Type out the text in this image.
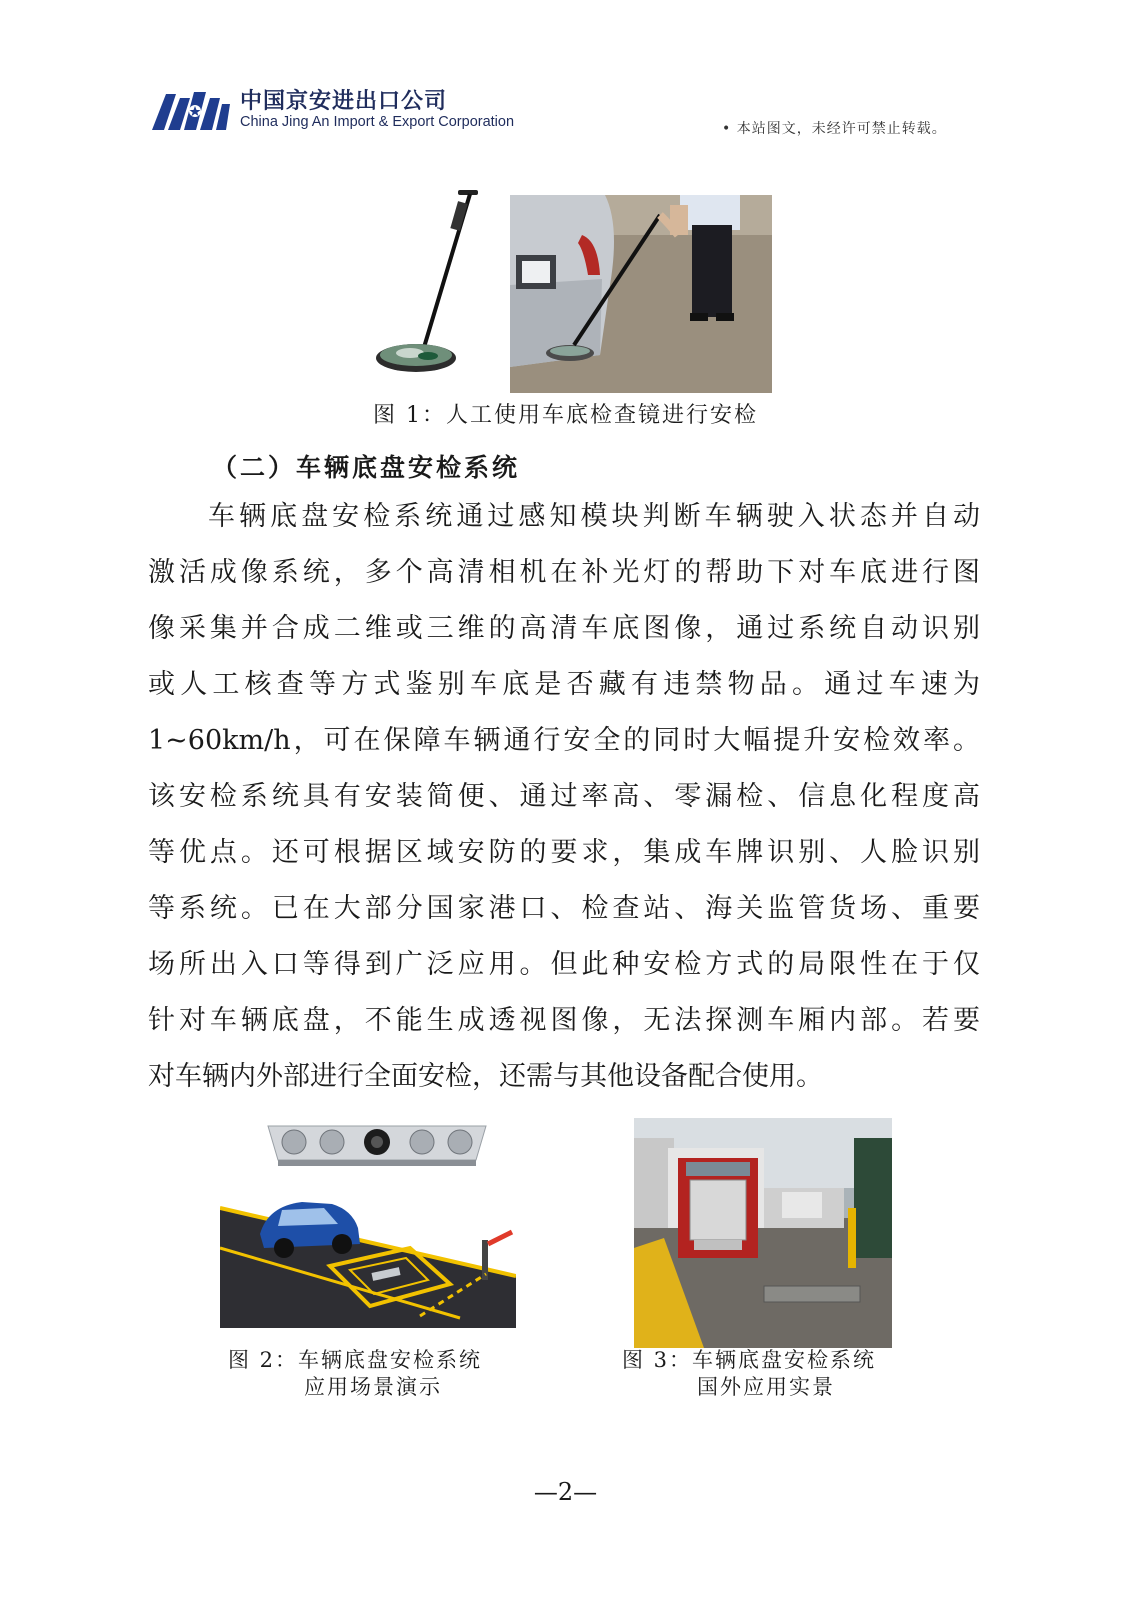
中国京安进出口公司
China Jing An Import & Export Corporation	• 本站图文，未经许可禁止转载。
图 1：人工使用车底检查镜进行安检
（二）车辆底盘安检系统
车辆底盘安检系统通过感知模块判断车辆驶入状态并自动
激活成像系统，多个高清相机在补光灯的帮助下对车底进行图
像采集并合成二维或三维的高清车底图像，通过系统自动识别
或人工核查等方式鉴别车底是否藏有违禁物品。通过车速为
1~60km/h，可在保障车辆通行安全的同时大幅提升安检效率。
该安检系统具有安装简便、通过率高、零漏检、信息化程度高
等优点。还可根据区域安防的要求，集成车牌识别、人脸识别
等系统。已在大部分国家港口、检查站、海关监管货场、重要
场所出入口等得到广泛应用。但此种安检方式的局限性在于仅
针对车辆底盘，不能生成透视图像，无法探测车厢内部。若要
对车辆内外部进行全面安检，还需与其他设备配合使用。
图 2：车辆底盘安检系统
应用场景演示
图 3：车辆底盘安检系统
国外应用实景
—2—
